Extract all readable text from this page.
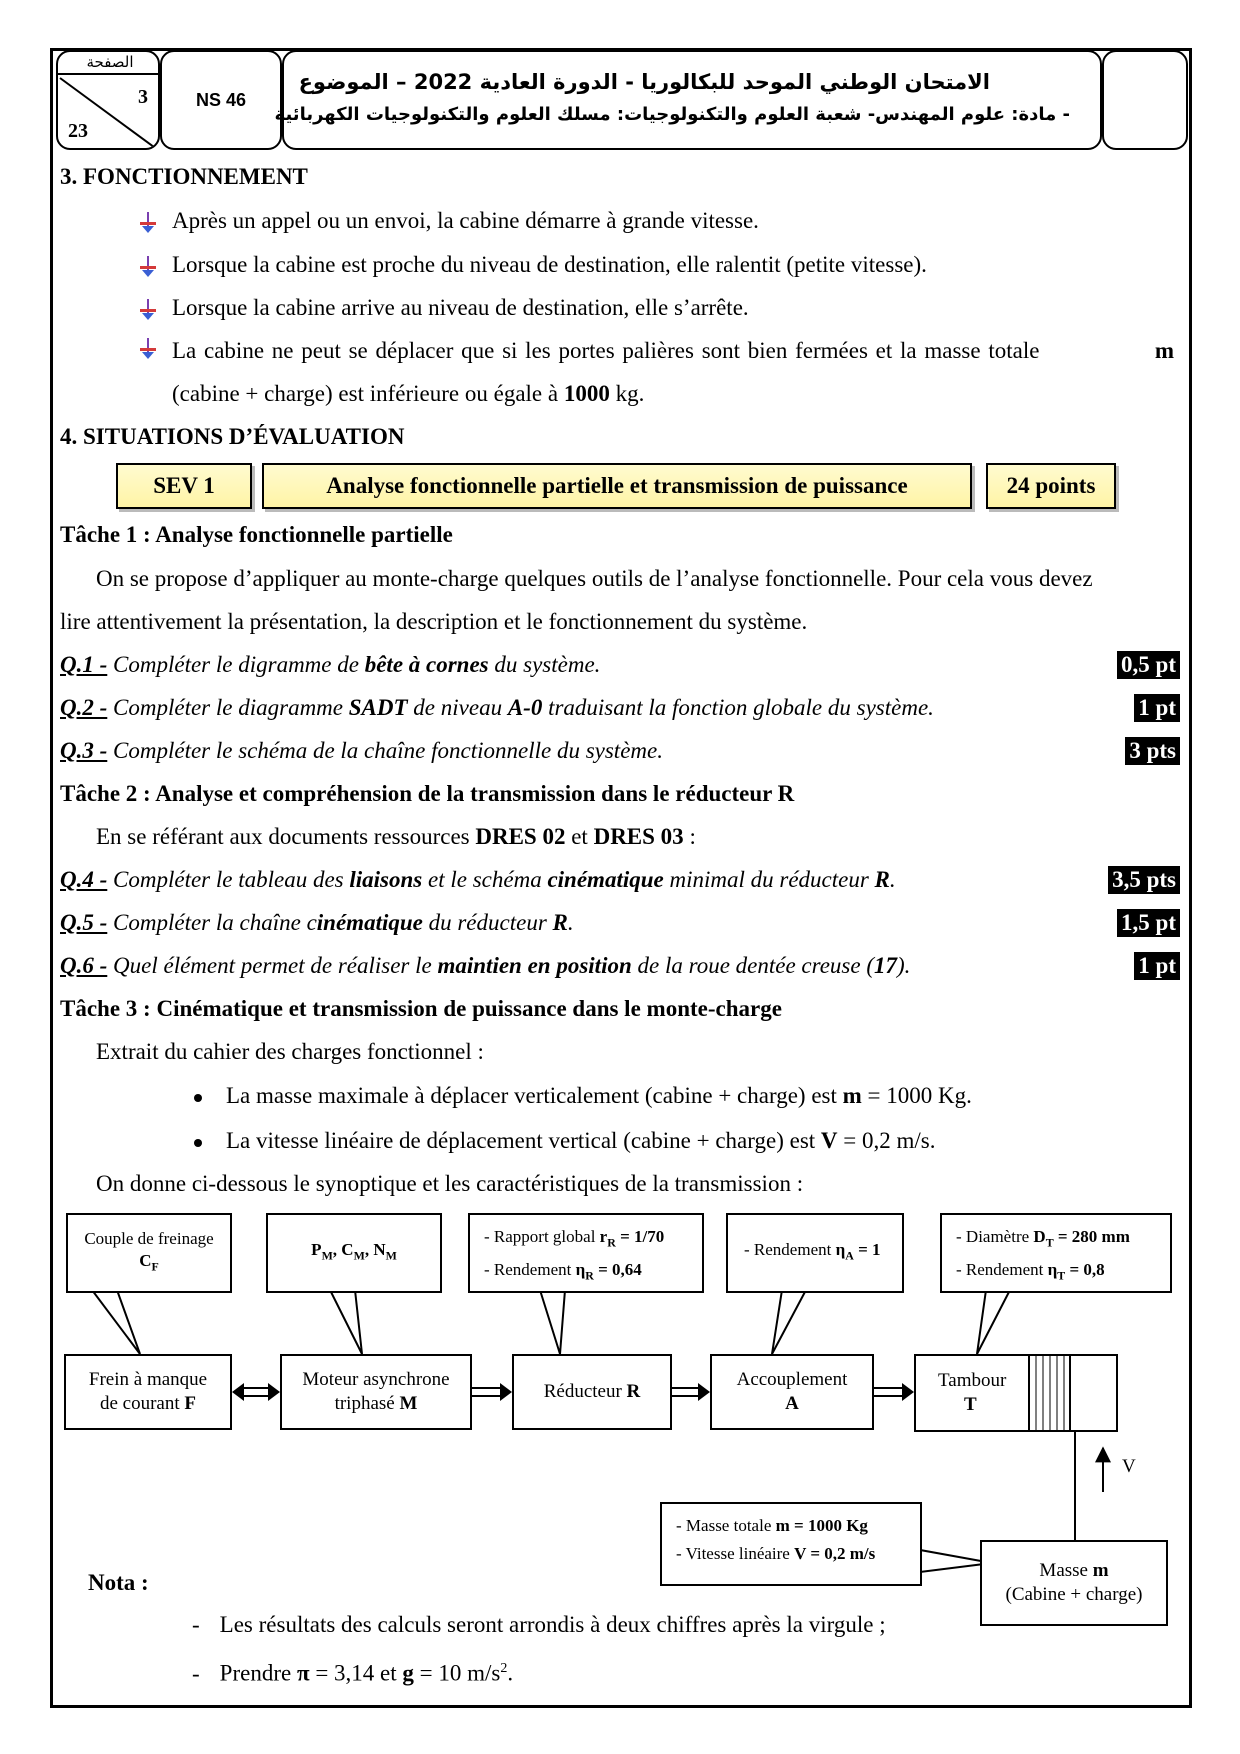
الصفحة
3
23
NS 46
الامتحان الوطني الموحد للبكالوريا - الدورة العادية 2022 – الموضوع
- مادة: علوم المهندس- شعبة العلوم والتكنولوجيات: مسلك العلوم والتكنولوجيات الكهربائية
3. FONCTIONNEMENT
Après un appel ou un envoi, la cabine démarre à grande vitesse.
Lorsque la cabine est proche du niveau de destination, elle ralentit (petite vitesse).
Lorsque la cabine arrive au niveau de destination, elle s’arrête.
La cabine ne peut se déplacer que si les portes palières sont bien fermées et la masse totale	m
(cabine + charge) est inférieure ou égale à 1000 kg.
4. SITUATIONS D’ÉVALUATION
SEV 1	Analyse fonctionnelle partielle et transmission de puissance	24 points
Tâche 1 : Analyse fonctionnelle partielle
On se propose d’appliquer au monte-charge quelques outils de l’analyse fonctionnelle. Pour cela vous devez
lire attentivement la présentation, la description et le fonctionnement du système.
Q.1 - Compléter le digramme de bête à cornes du système.	0,5 pt
Q.2 - Compléter le diagramme SADT de niveau A-0 traduisant la fonction globale du système.	1 pt
Q.3 - Compléter le schéma de la chaîne fonctionnelle du système.	3 pts
Tâche 2 : Analyse et compréhension de la transmission dans le réducteur R
En se référant aux documents ressources DRES 02 et DRES 03 :
Q.4 - Compléter le tableau des liaisons et le schéma cinématique minimal du réducteur R.	3,5 pts
Q.5 - Compléter la chaîne cinématique du réducteur R.	1,5 pt
Q.6 - Quel élément permet de réaliser le maintien en position de la roue dentée creuse (17).	1 pt
Tâche 3 : Cinématique et transmission de puissance dans le monte-charge
Extrait du cahier des charges fonctionnel :
La masse maximale à déplacer verticalement (cabine + charge) est m = 1000 Kg.
La vitesse linéaire de déplacement vertical (cabine + charge) est V = 0,2 m/s.
On donne ci-dessous le synoptique et les caractéristiques de la transmission :
Couple de freinage
$C_F$
$P_M$, $C_M$, $N_M$
- Rapport global $r_R = 1/70$
- Rendement $\eta_R = 0,64$
- Rendement $\eta_A = 1$
- Diamètre $D_T = 280$ mm
- Rendement $\eta_T = 0,8$
Frein à manque
de courant F
Moteur asynchrone
triphasé M
Réducteur R
Accouplement
A
Tambour
T
V
- Masse totale m = 1000 Kg
- Vitesse linéaire V = 0,2 m/s
Masse m
(Cabine + charge)
Nota :
- Les résultats des calculs seront arrondis à deux chiffres après la virgule ;
- Prendre π = 3,14 et g = 10 $m/s^2$.
